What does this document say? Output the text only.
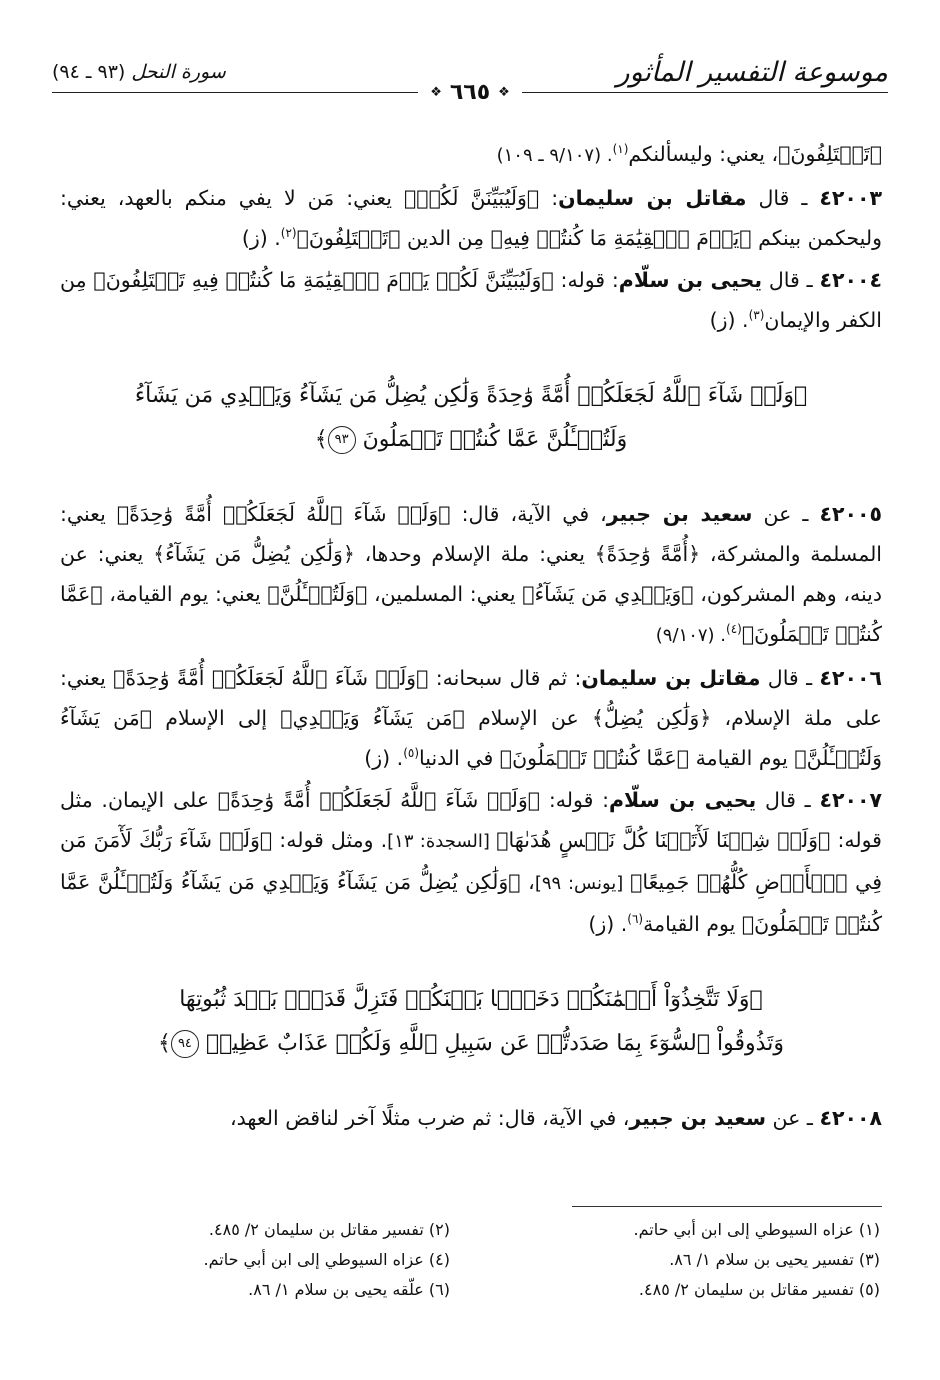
موسوعة التفسير المأثور
سورة النحل (٩٣ ـ ٩٤)
❖
٦٦٥
❖

﴿تَخۡتَلِفُونَ﴾، يعني: وليسألنكم$^{(١)}$. (٩/١٠٧ ـ ١٠٩)

٤٢٠٠٣ ـ قال مقاتل بن سليمان: ﴿وَلَيُبَيِّنَنَّ لَكُمۡ﴾ يعني: مَن لا يفي منكم بالعهد، يعني: وليحكمن بينكم ﴿يَوۡمَ ٱلۡقِيَٰمَةِ مَا كُنتُمۡ فِيهِ﴾ مِن الدين ﴿تَخۡتَلِفُونَ﴾$^{(٢)}$. (ز)

٤٢٠٠٤ ـ قال يحيى بن سلّام: قوله: ﴿وَلَيُبَيِّنَنَّ لَكُمۡ يَوۡمَ ٱلۡقِيَٰمَةِ مَا كُنتُمۡ فِيهِ تَخۡتَلِفُونَ﴾ مِن الكفر والإيمان$^{(٣)}$. (ز)

﴿وَلَوۡ شَآءَ ٱللَّهُ لَجَعَلَكُمۡ أُمَّةً وَٰحِدَةً وَلَٰكِن يُضِلُّ مَن يَشَآءُ وَيَهۡدِي مَن يَشَآءُ
وَلَتُسۡـَٔلُنَّ عَمَّا كُنتُمۡ تَعۡمَلُونَ ٩٣﴾

٤٢٠٠٥ ـ عن سعيد بن جبير، في الآية، قال: ﴿وَلَوۡ شَآءَ ٱللَّهُ لَجَعَلَكُمۡ أُمَّةً وَٰحِدَةً﴾ يعني: المسلمة والمشركة، ﴿أُمَّةً وَٰحِدَةً﴾ يعني: ملة الإسلام وحدها، ﴿وَلَٰكِن يُضِلُّ مَن يَشَآءُ﴾ يعني: عن دينه، وهم المشركون، ﴿وَيَهۡدِي مَن يَشَآءُ﴾ يعني: المسلمين، ﴿وَلَتُسۡـَٔلُنَّ﴾ يعني: يوم القيامة، ﴿عَمَّا كُنتُمۡ تَعۡمَلُونَ﴾$^{(٤)}$. (٩/١٠٧)

٤٢٠٠٦ ـ قال مقاتل بن سليمان: ثم قال سبحانه: ﴿وَلَوۡ شَآءَ ٱللَّهُ لَجَعَلَكُمۡ أُمَّةً وَٰحِدَةً﴾ يعني: على ملة الإسلام، ﴿وَلَٰكِن يُضِلُّ﴾ عن الإسلام ﴿مَن يَشَآءُ وَيَهۡدِي﴾ إلى الإسلام ﴿مَن يَشَآءُ وَلَتُسۡـَٔلُنَّ﴾ يوم القيامة ﴿عَمَّا كُنتُمۡ تَعۡمَلُونَ﴾ في الدنيا$^{(٥)}$. (ز)

٤٢٠٠٧ ـ قال يحيى بن سلّام: قوله: ﴿وَلَوۡ شَآءَ ٱللَّهُ لَجَعَلَكُمۡ أُمَّةً وَٰحِدَةً﴾ على الإيمان. مثل قوله: ﴿وَلَوۡ شِئۡنَا لَأٓتَيۡنَا كُلَّ نَفۡسٍ هُدَىٰهَا﴾ [السجدة: ١٣]. ومثل قوله: ﴿وَلَوۡ شَآءَ رَبُّكَ لَأٓمَنَ مَن فِي ٱلۡأَرۡضِ كُلُّهُمۡ جَمِيعًا﴾ [يونس: ٩٩]، ﴿وَلَٰكِن يُضِلُّ مَن يَشَآءُ وَيَهۡدِي مَن يَشَآءُ وَلَتُسۡـَٔلُنَّ عَمَّا كُنتُمۡ تَعۡمَلُونَ﴾ يوم القيامة$^{(٦)}$. (ز)

﴿وَلَا تَتَّخِذُوٓاْ أَيۡمَٰنَكُمۡ دَخَلَۢا بَيۡنَكُمۡ فَتَزِلَّ قَدَمُۢ بَعۡدَ ثُبُوتِهَا
وَتَذُوقُواْ ٱلسُّوٓءَ بِمَا صَدَدتُّمۡ عَن سَبِيلِ ٱللَّهِ وَلَكُمۡ عَذَابٌ عَظِيمٞ ٩٤﴾

٤٢٠٠٨ ـ عن سعيد بن جبير، في الآية، قال: ثم ضرب مثلًا آخر لناقض العهد،

(١) عزاه السيوطي إلى ابن أبي حاتم.
(٢) تفسير مقاتل بن سليمان ٢/ ٤٨٥.
(٣) تفسير يحيى بن سلام ١/ ٨٦.
(٤) عزاه السيوطي إلى ابن أبي حاتم.
(٥) تفسير مقاتل بن سليمان ٢/ ٤٨٥.
(٦) علّقه يحيى بن سلام ١/ ٨٦.
